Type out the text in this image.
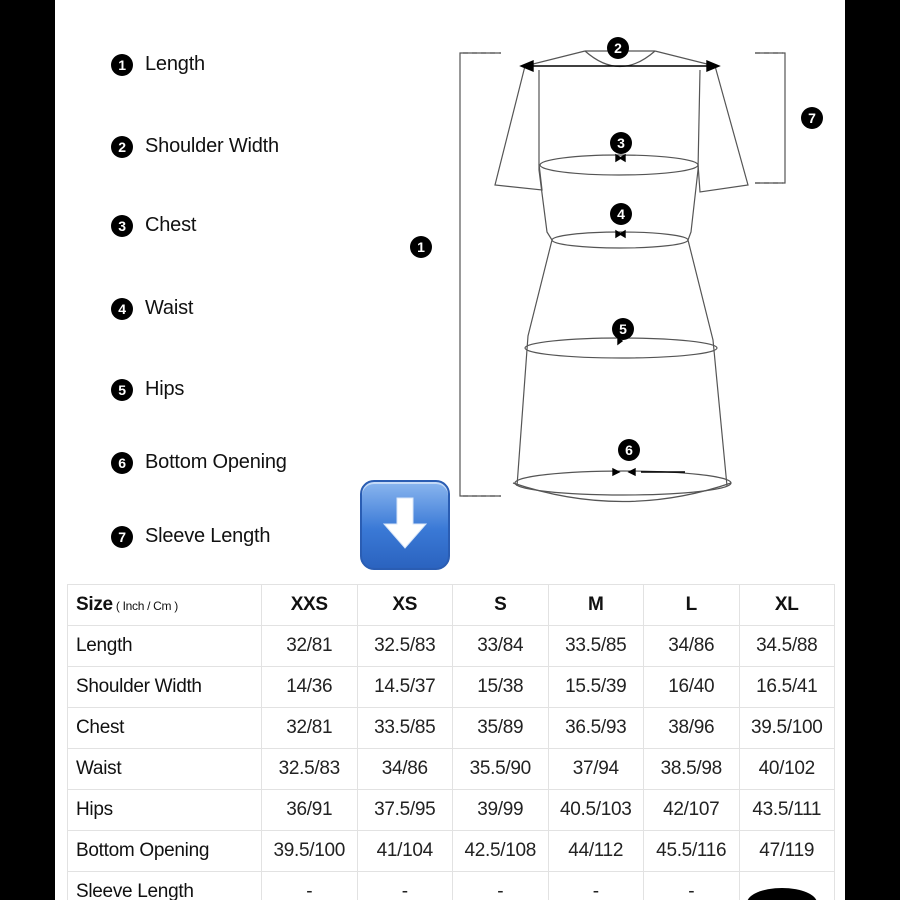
1 Length
2 Shoulder Width
3 Chest
4 Waist
5 Hips
6 Bottom Opening
7 Sleeve Length
1
2
3
4
5
6
7
Size ( Inch / Cm )	XXS	XS	S	M	L	XL
Length	32/81	32.5/83	33/84	33.5/85	34/86	34.5/88
Shoulder Width	14/36	14.5/37	15/38	15.5/39	16/40	16.5/41
Chest	32/81	33.5/85	35/89	36.5/93	38/96	39.5/100
Waist	32.5/83	34/86	35.5/90	37/94	38.5/98	40/102
Hips	36/91	37.5/95	39/99	40.5/103	42/107	43.5/111
Bottom Opening	39.5/100	41/104	42.5/108	44/112	45.5/116	47/119
Sleeve Length	-	-	-	-	-	
